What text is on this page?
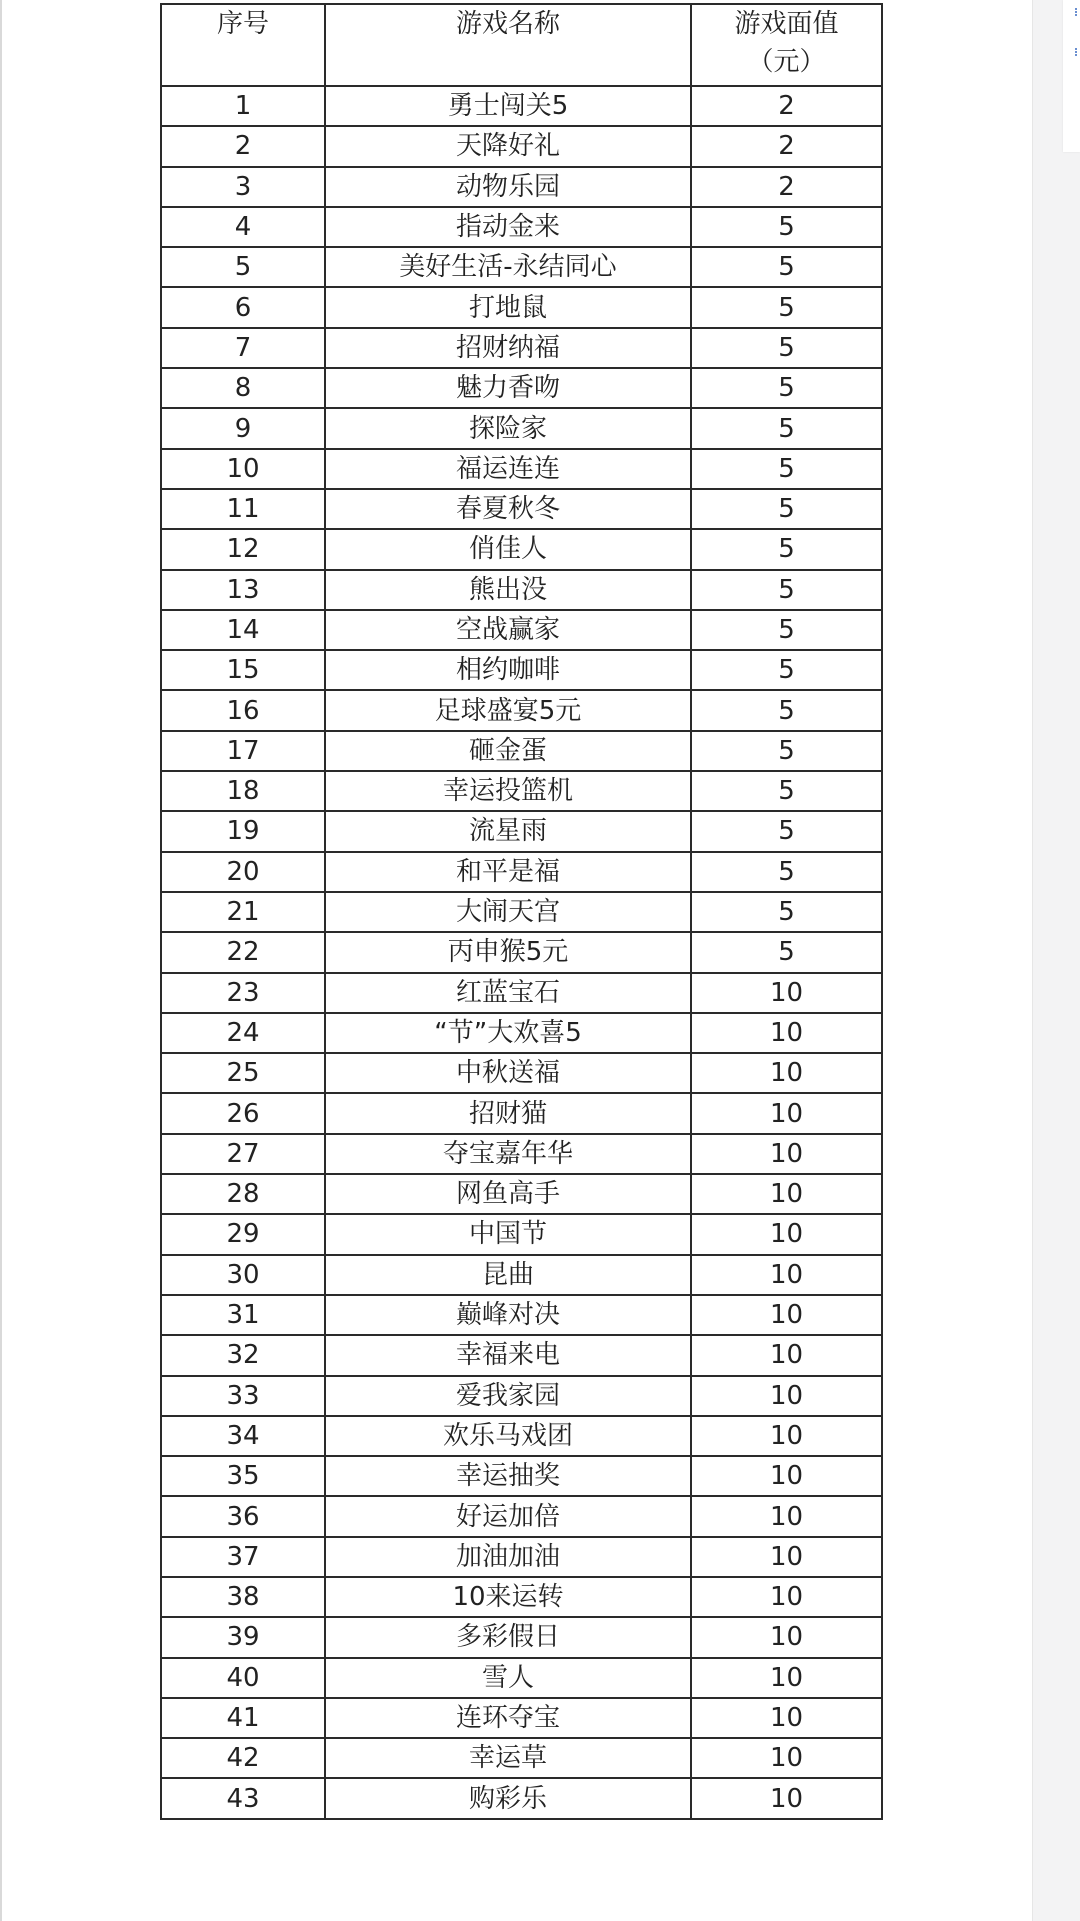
序号	游戏名称	游戏面值
（元）
1	勇士闯关5	2
2	天降好礼	2
3	动物乐园	2
4	指动金来	5
5	美好生活-永结同心	5
6	打地鼠	5
7	招财纳福	5
8	魅力香吻	5
9	探险家	5
10	福运连连	5
11	春夏秋冬	5
12	俏佳人	5
13	熊出没	5
14	空战赢家	5
15	相约咖啡	5
16	足球盛宴5元	5
17	砸金蛋	5
18	幸运投篮机	5
19	流星雨	5
20	和平是福	5
21	大闹天宫	5
22	丙申猴5元	5
23	红蓝宝石	10
24	“节”大欢喜5	10
25	中秋送福	10
26	招财猫	10
27	夺宝嘉年华	10
28	网鱼高手	10
29	中国节	10
30	昆曲	10
31	巅峰对决	10
32	幸福来电	10
33	爱我家园	10
34	欢乐马戏团	10
35	幸运抽奖	10
36	好运加倍	10
37	加油加油	10
38	10来运转	10
39	多彩假日	10
40	雪人	10
41	连环夺宝	10
42	幸运草	10
43	购彩乐	10
